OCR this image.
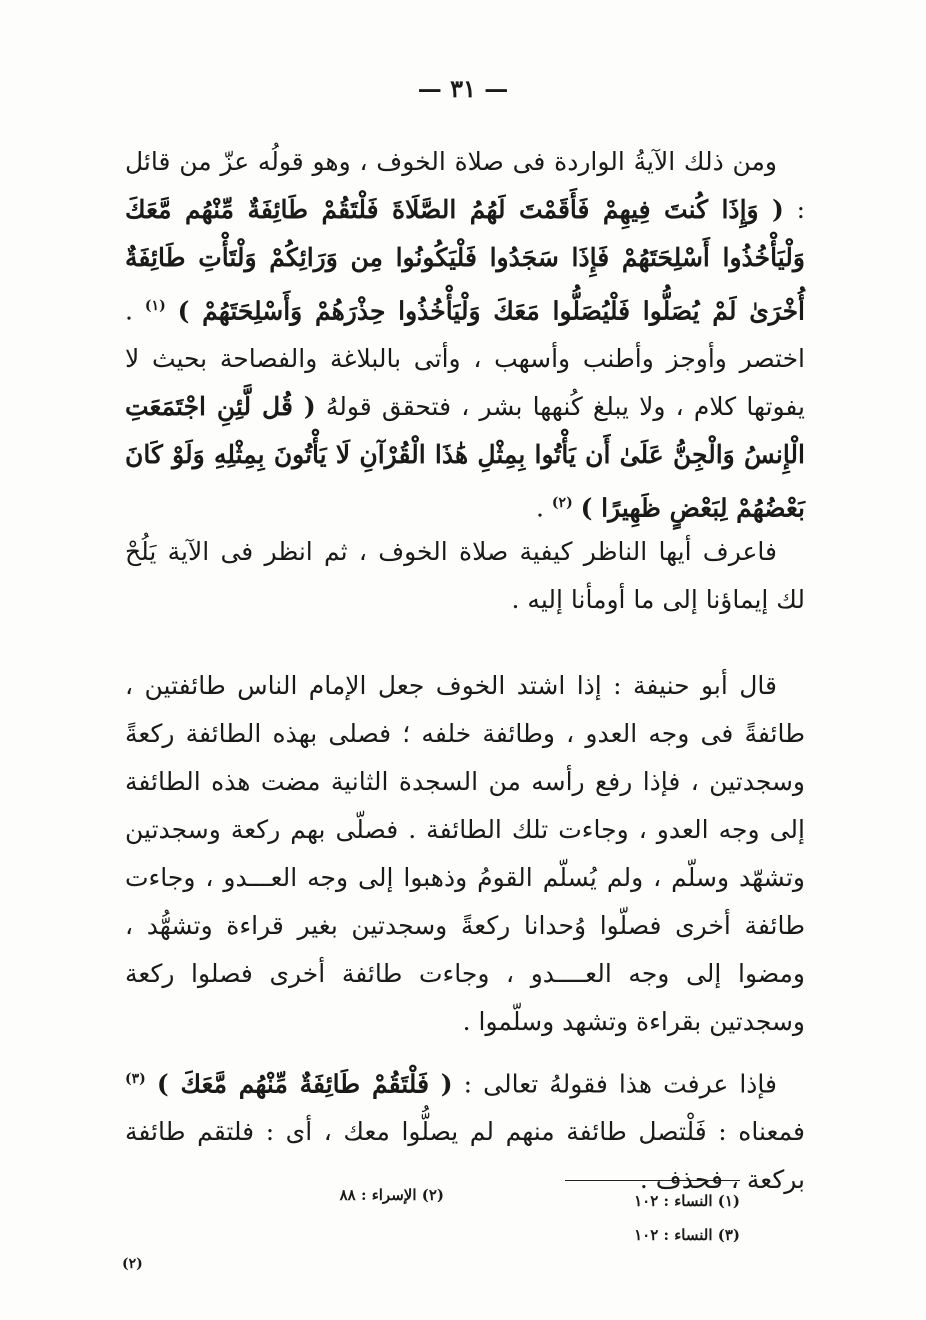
— ٣١ —
ومن ذلك الآيةُ الواردة فى صلاة الخوف ، وهو قولُه عزّ من قائل : ( وَإِذَا كُنتَ فِيهِمْ فَأَقَمْتَ لَهُمُ الصَّلَاةَ فَلْتَقُمْ طَائِفَةٌ مِّنْهُم مَّعَكَ وَلْيَأْخُذُوا أَسْلِحَتَهُمْ فَإِذَا سَجَدُوا فَلْيَكُونُوا مِن وَرَائِكُمْ وَلْتَأْتِ طَائِفَةٌ أُخْرَىٰ لَمْ يُصَلُّوا فَلْيُصَلُّوا مَعَكَ وَلْيَأْخُذُوا حِذْرَهُمْ وَأَسْلِحَتَهُمْ ) $^{(١)}$ . اختصر وأوجز وأطنب وأسهب ، وأتى بالبلاغة والفصاحة بحيث لا يفوتها كلام ، ولا يبلغ كُنهها بشر ، فتحقق قولهُ ( قُل لَّئِنِ اجْتَمَعَتِ الْإِنسُ وَالْجِنُّ عَلَىٰ أَن يَأْتُوا بِمِثْلِ هَٰذَا الْقُرْآنِ لَا يَأْتُونَ بِمِثْلِهِ وَلَوْ كَانَ بَعْضُهُمْ لِبَعْضٍ ظَهِيرًا ) $^{(٢)}$ .
فاعرف أيها الناظر كيفية صلاة الخوف ، ثم انظر فى الآية يَلُحْ لك إيماؤنا إلى ما أومأنا إليه .
قال أبو حنيفة : إذا اشتد الخوف جعل الإمام الناس طائفتين ، طائفةً فى وجه العدو ، وطائفة خلفه ؛ فصلى بهذه الطائفة ركعةً وسجدتين ، فإذا رفع رأسه من السجدة الثانية مضت هذه الطائفة إلى وجه العدو ، وجاءت تلك الطائفة . فصلّى بهم ركعة وسجدتين وتشهّد وسلّم ، ولم يُسلّم القومُ وذهبوا إلى وجه العـــدو ، وجاءت طائفة أخرى فصلّوا وُحدانا ركعةً وسجدتين بغير قراءة وتشهُّد ، ومضوا إلى وجه العــــدو ، وجاءت طائفة أخرى فصلوا ركعة وسجدتين بقراءة وتشهد وسلّموا .
فإذا عرفت هذا فقولهُ تعالى : ( فَلْتَقُمْ طَائِفَةٌ مِّنْهُم مَّعَكَ ) $^{(٣)}$ فمعناه : فَلْتصل طائفة منهم لم يصلُّوا معك ، أى : فلتقم طائفة بركعة ، فحذف .
(١) النساء : ١٠٢
(٢) الإسراء : ٨٨
(٣) النساء : ١٠٢
(٢)
